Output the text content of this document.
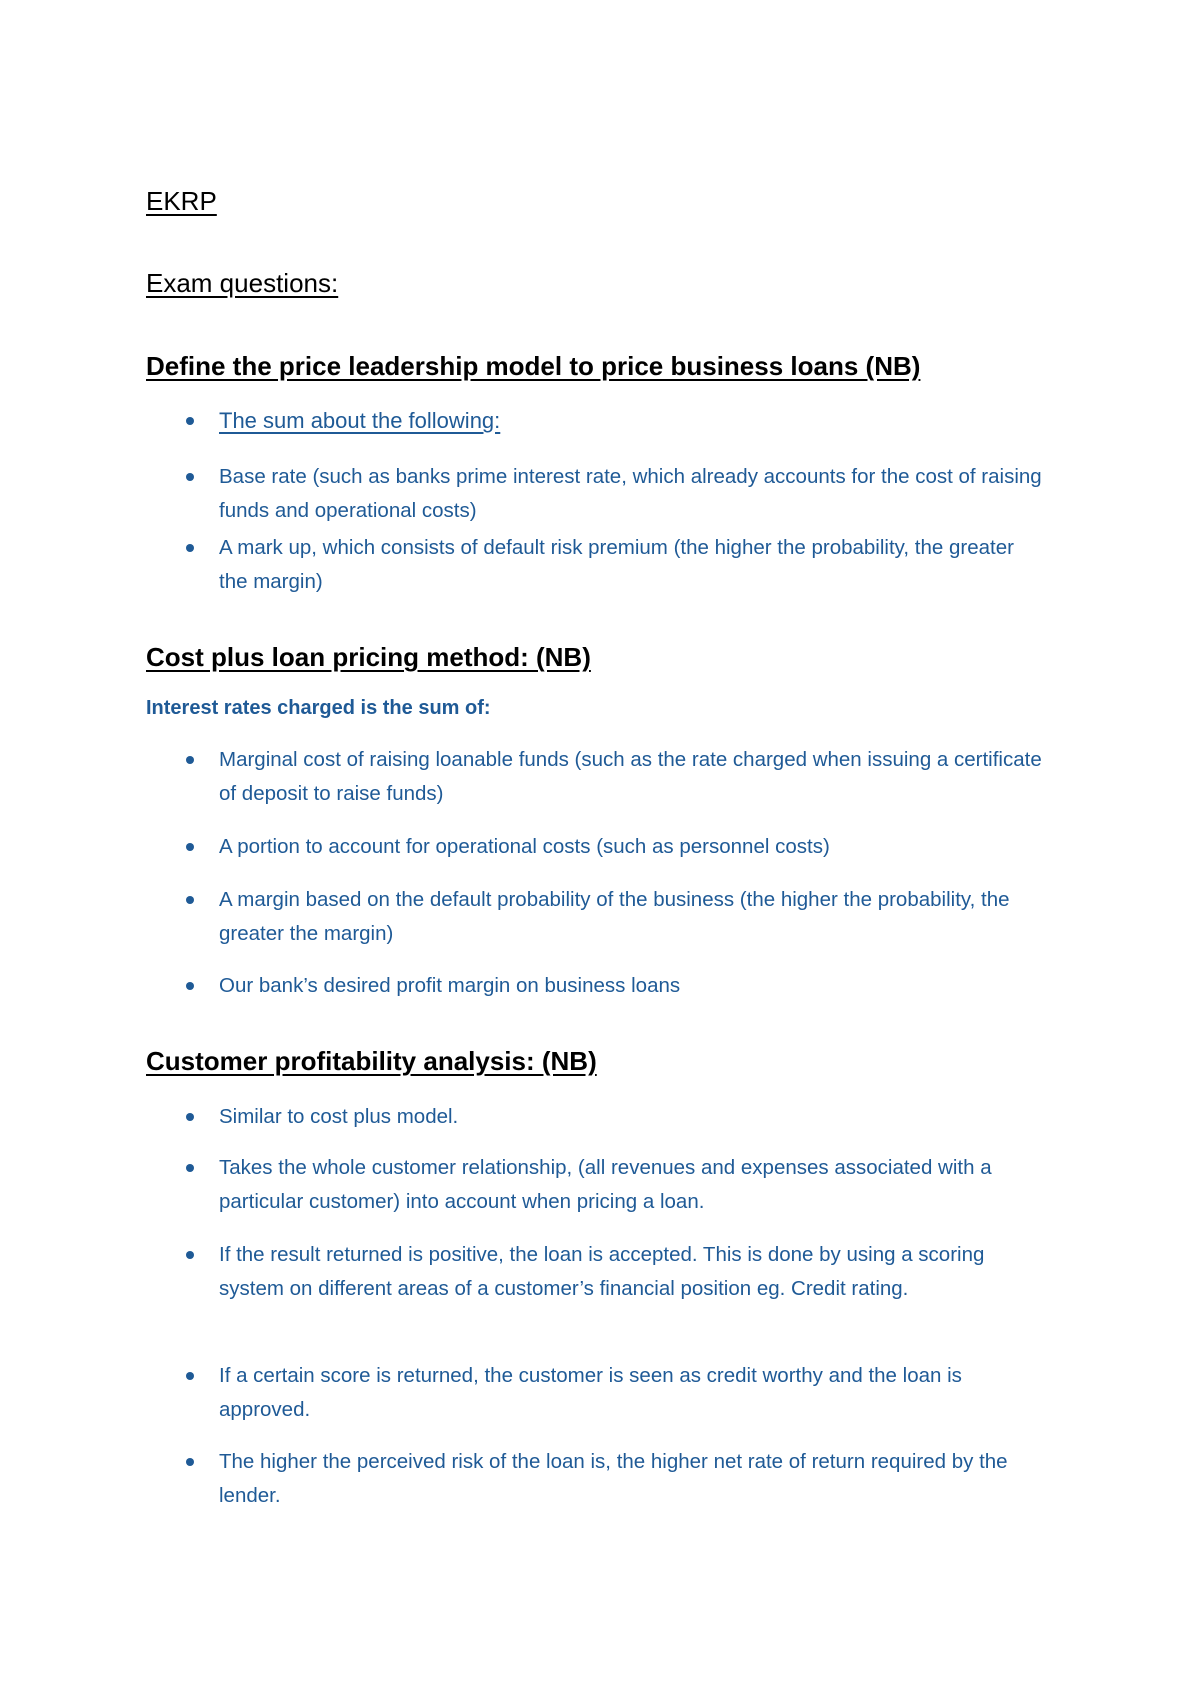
EKRP
Exam questions:
Define the price leadership model to price business loans (NB)
The sum about the following:
Base rate (such as banks prime interest rate, which already accounts for the cost of raising funds and operational costs)
A mark up, which consists of default risk premium (the higher the probability, the greater the margin)
Cost plus loan pricing method: (NB)
Interest rates charged is the sum of:
Marginal cost of raising loanable funds (such as the rate charged when issuing a certificate of deposit to raise funds)
A portion to account for operational costs (such as personnel costs)
A margin based on the default probability of the business (the higher the probability, the greater the margin)
Our bank’s desired profit margin on business loans
Customer profitability analysis: (NB)
Similar to cost plus model.
Takes the whole customer relationship, (all revenues and expenses associated with a particular customer) into account when pricing a loan.
If the result returned is positive, the loan is accepted. This is done by using a scoring system on different areas of a customer’s financial position eg. Credit rating.
If a certain score is returned, the customer is seen as credit worthy and the loan is approved.
The higher the perceived risk of the loan is, the higher net rate of return required by the lender.
